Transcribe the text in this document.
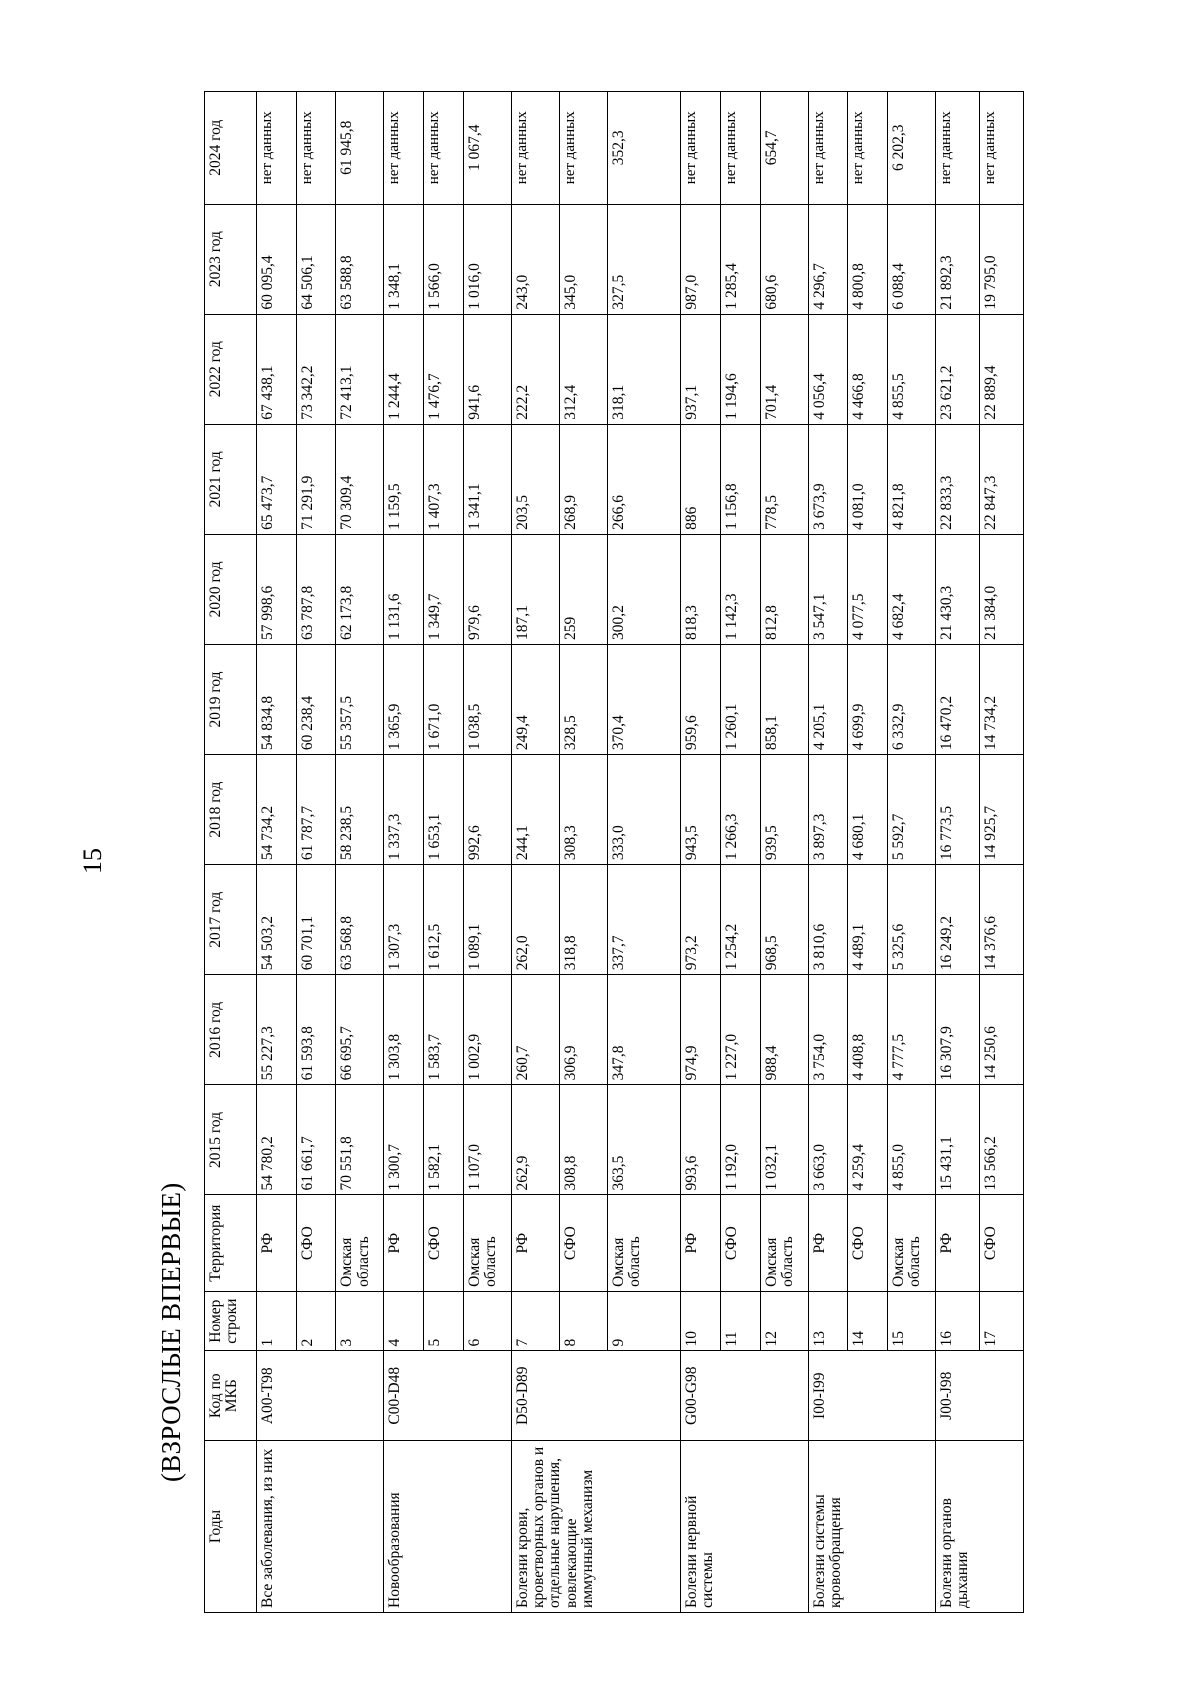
15
(ВЗРОСЛЫЕ ВПЕРВЫЕ)
Годы	Код по МКБ	Номер строки	Территория	2015 год	2016 год	2017 год	2018 год	2019 год	2020 год	2021 год	2022 год	2023 год	2024 год
Все заболевания, из них	A00-T98	1	РФ	54 780,2	55 227,3	54 503,2	54 734,2	54 834,8	57 998,6	65 473,7	67 438,1	60 095,4	нет данных
		2	СФО	61 661,7	61 593,8	60 701,1	61 787,7	60 238,4	63 787,8	71 291,9	73 342,2	64 506,1	нет данных
		3	Омская область	70 551,8	66 695,7	63 568,8	58 238,5	55 357,5	62 173,8	70 309,4	72 413,1	63 588,8	61 945,8
Новообразования	C00-D48	4	РФ	1 300,7	1 303,8	1 307,3	1 337,3	1 365,9	1 131,6	1 159,5	1 244,4	1 348,1	нет данных
		5	СФО	1 582,1	1 583,7	1 612,5	1 653,1	1 671,0	1 349,7	1 407,3	1 476,7	1 566,0	нет данных
		6	Омская область	1 107,0	1 002,9	1 089,1	992,6	1 038,5	979,6	1 341,1	941,6	1 016,0	1 067,4
Болезни крови, кроветворных органов и отдельные нарушения, вовлекающие иммунный механизм	D50-D89	7	РФ	262,9	260,7	262,0	244,1	249,4	187,1	203,5	222,2	243,0	нет данных
		8	СФО	308,8	306,9	318,8	308,3	328,5	259	268,9	312,4	345,0	нет данных
		9	Омская область	363,5	347,8	337,7	333,0	370,4	300,2	266,6	318,1	327,5	352,3
Болезни нервной системы	G00-G98	10	РФ	993,6	974,9	973,2	943,5	959,6	818,3	886	937,1	987,0	нет данных
		11	СФО	1 192,0	1 227,0	1 254,2	1 266,3	1 260,1	1 142,3	1 156,8	1 194,6	1 285,4	нет данных
		12	Омская область	1 032,1	988,4	968,5	939,5	858,1	812,8	778,5	701,4	680,6	654,7
Болезни системы кровообращения	I00-I99	13	РФ	3 663,0	3 754,0	3 810,6	3 897,3	4 205,1	3 547,1	3 673,9	4 056,4	4 296,7	нет данных
		14	СФО	4 259,4	4 408,8	4 489,1	4 680,1	4 699,9	4 077,5	4 081,0	4 466,8	4 800,8	нет данных
		15	Омская область	4 855,0	4 777,5	5 325,6	5 592,7	6 332,9	4 682,4	4 821,8	4 855,5	6 088,4	6 202,3
Болезни органов дыхания	J00-J98	16	РФ	15 431,1	16 307,9	16 249,2	16 773,5	16 470,2	21 430,3	22 833,3	23 621,2	21 892,3	нет данных
		17	СФО	13 566,2	14 250,6	14 376,6	14 925,7	14 734,2	21 384,0	22 847,3	22 889,4	19 795,0	нет данных
